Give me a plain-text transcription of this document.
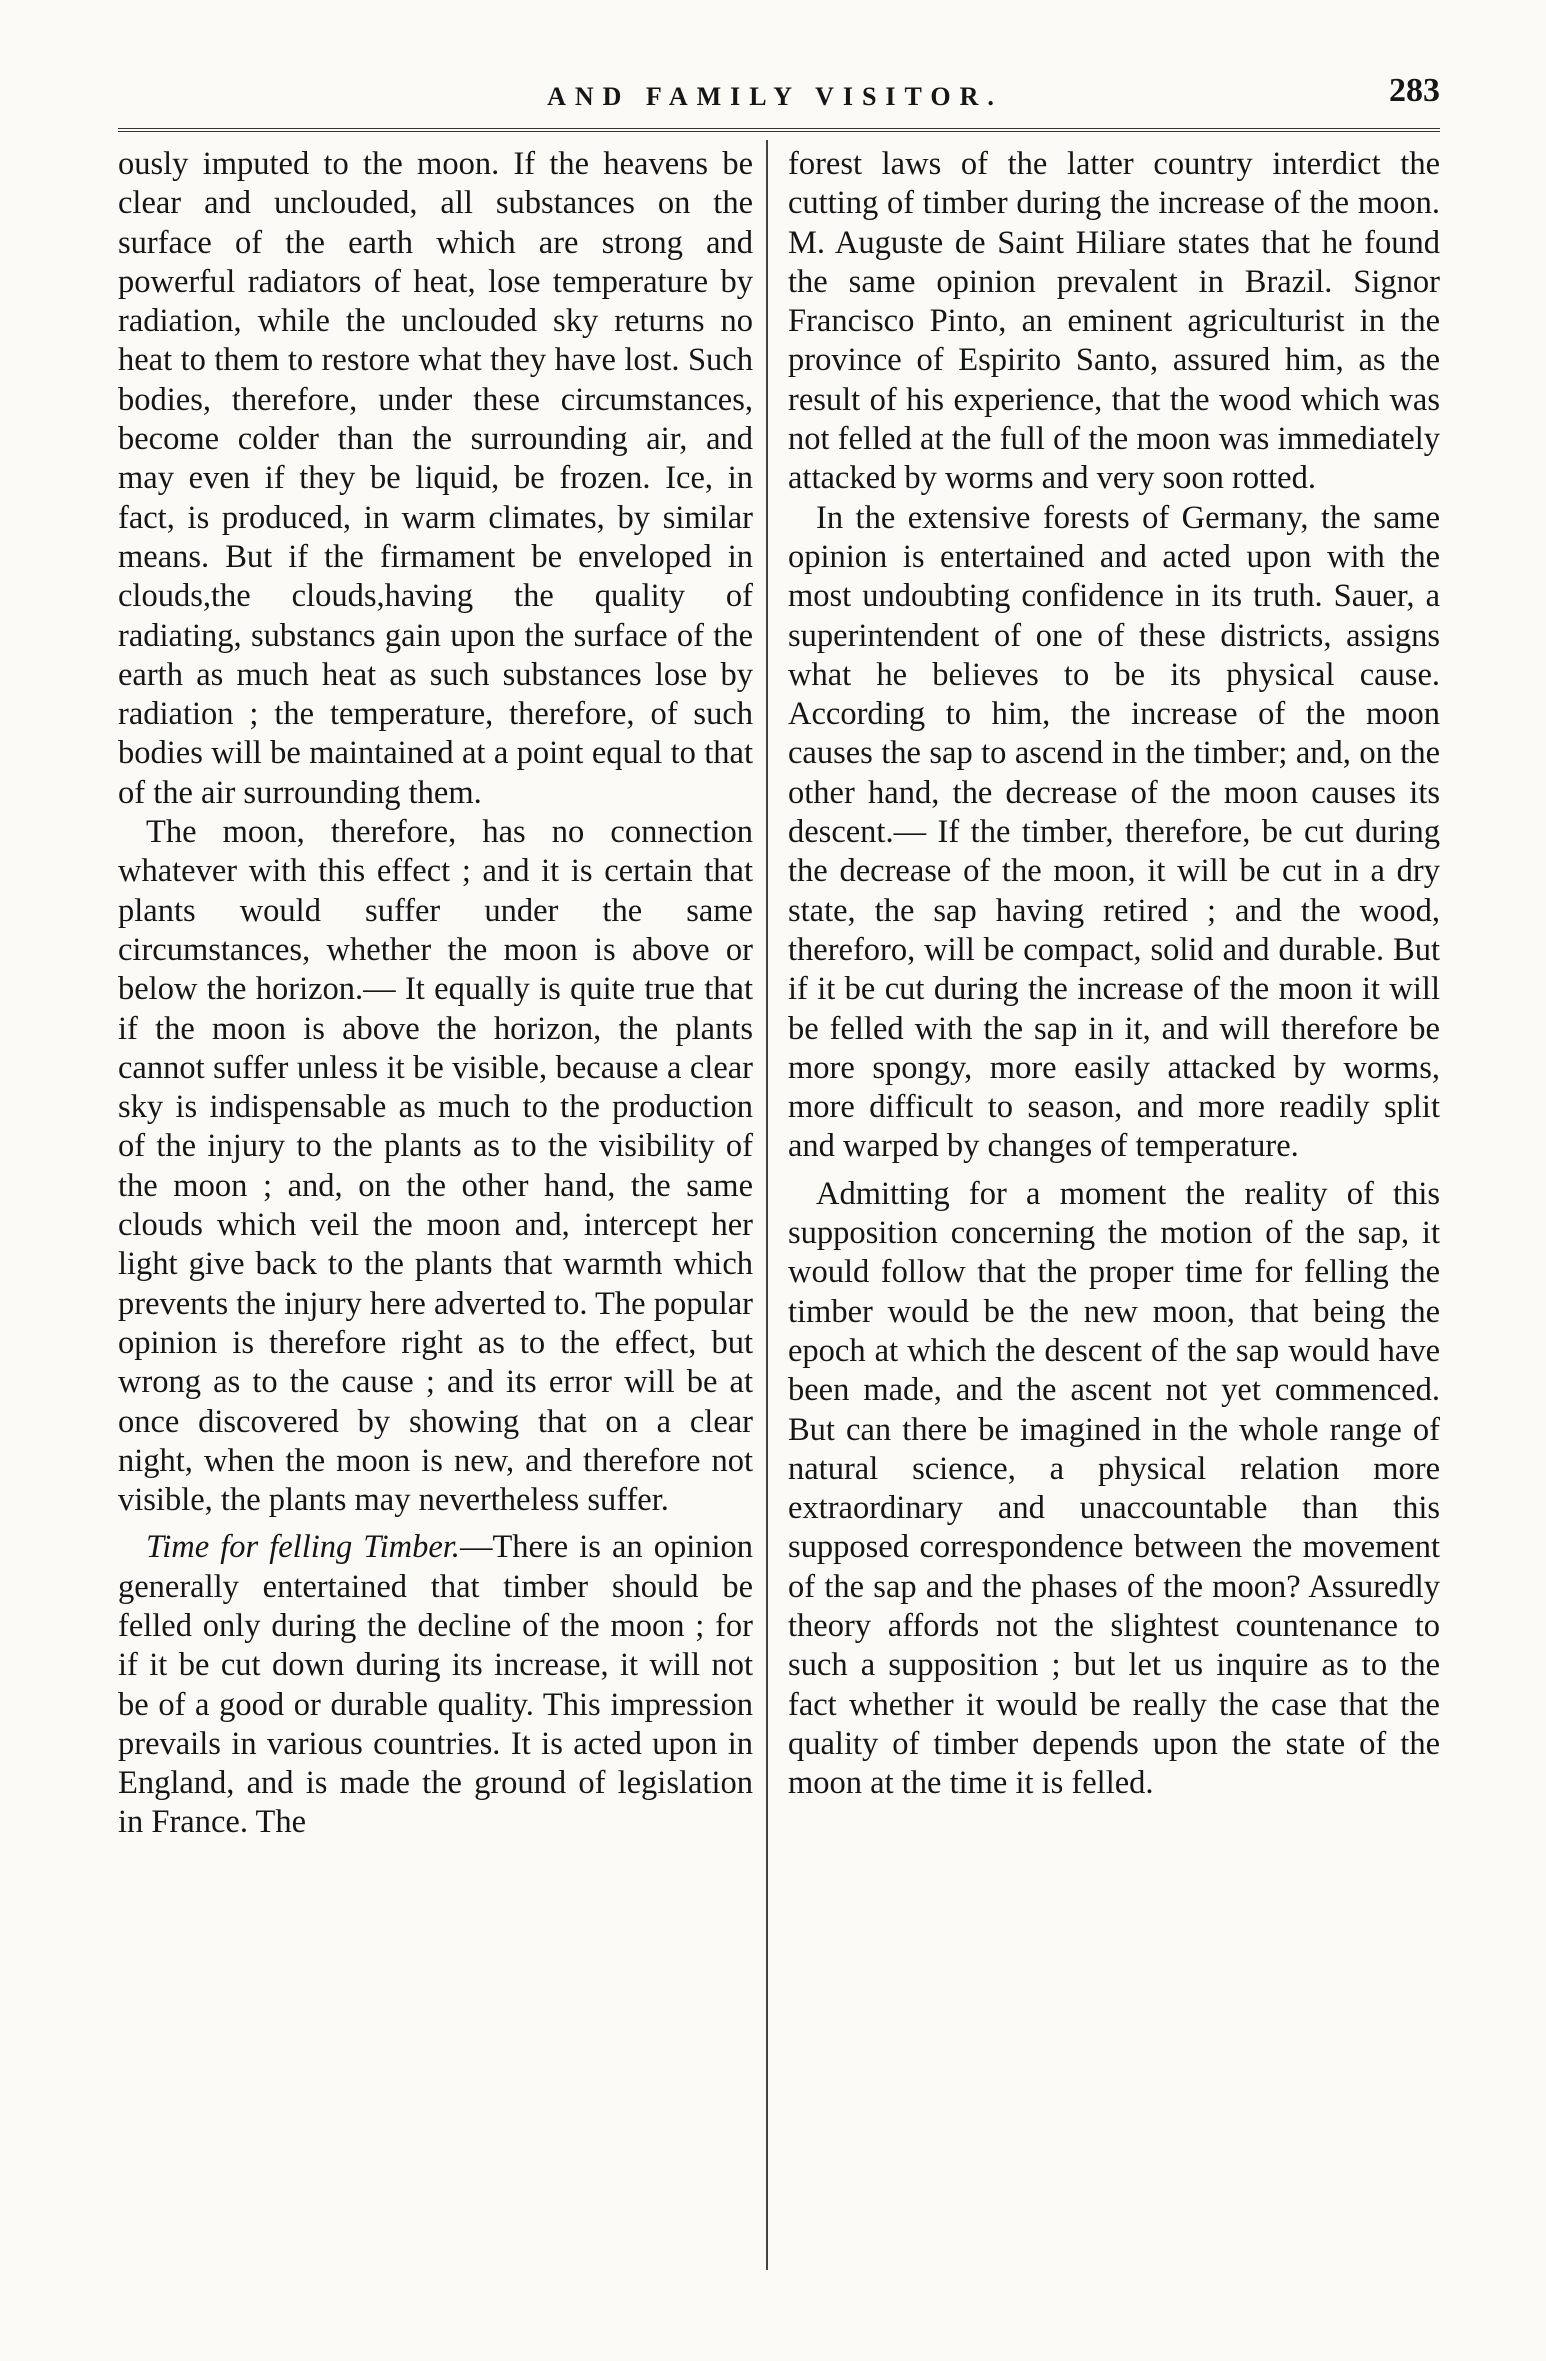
AND FAMILY VISITOR.	283

ously imputed to the moon. If the heavens be clear and unclouded, all substances on the surface of the earth which are strong and powerful radiators of heat, lose temperature by radiation, while the unclouded sky returns no heat to them to restore what they have lost. Such bodies, therefore, under these circumstances, become colder than the surrounding air, and may even if they be liquid, be frozen. Ice, in fact, is produced, in warm climates, by similar means. But if the firmament be enveloped in clouds,the clouds,having the quality of radiating, substancs gain upon the surface of the earth as much heat as such substances lose by radiation ; the temperature, therefore, of such bodies will be maintained at a point equal to that of the air surrounding them.

The moon, therefore, has no connection whatever with this effect ; and it is certain that plants would suffer under the same circumstances, whether the moon is above or below the horizon.— It equally is quite true that if the moon is above the horizon, the plants cannot suffer unless it be visible, because a clear sky is indispensable as much to the production of the injury to the plants as to the visibility of the moon ; and, on the other hand, the same clouds which veil the moon and, intercept her light give back to the plants that warmth which prevents the injury here adverted to. The popular opinion is therefore right as to the effect, but wrong as to the cause ; and its error will be at once discovered by showing that on a clear night, when the moon is new, and therefore not visible, the plants may nevertheless suffer.

Time for felling Timber.—There is an opinion generally entertained that timber should be felled only during the decline of the moon ; for if it be cut down during its increase, it will not be of a good or durable quality. This impression prevails in various countries. It is acted upon in England, and is made the ground of legislation in France. The

forest laws of the latter country interdict the cutting of timber during the increase of the moon. M. Auguste de Saint Hiliare states that he found the same opinion prevalent in Brazil. Signor Francisco Pinto, an eminent agriculturist in the province of Espirito Santo, assured him, as the result of his experience, that the wood which was not felled at the full of the moon was immediately attacked by worms and very soon rotted.

In the extensive forests of Germany, the same opinion is entertained and acted upon with the most undoubting confidence in its truth. Sauer, a superintendent of one of these districts, assigns what he believes to be its physical cause. According to him, the increase of the moon causes the sap to ascend in the timber; and, on the other hand, the decrease of the moon causes its descent.— If the timber, therefore, be cut during the decrease of the moon, it will be cut in a dry state, the sap having retired ; and the wood, thereforo, will be compact, solid and durable. But if it be cut during the increase of the moon it will be felled with the sap in it, and will therefore be more spongy, more easily attacked by worms, more difficult to season, and more readily split and warped by changes of temperature.

Admitting for a moment the reality of this supposition concerning the motion of the sap, it would follow that the proper time for felling the timber would be the new moon, that being the epoch at which the descent of the sap would have been made, and the ascent not yet commenced. But can there be imagined in the whole range of natural science, a physical relation more extraordinary and unaccountable than this supposed correspondence between the movement of the sap and the phases of the moon? Assuredly theory affords not the slightest countenance to such a supposition ; but let us inquire as to the fact whether it would be really the case that the quality of timber depends upon the state of the moon at the time it is felled.
